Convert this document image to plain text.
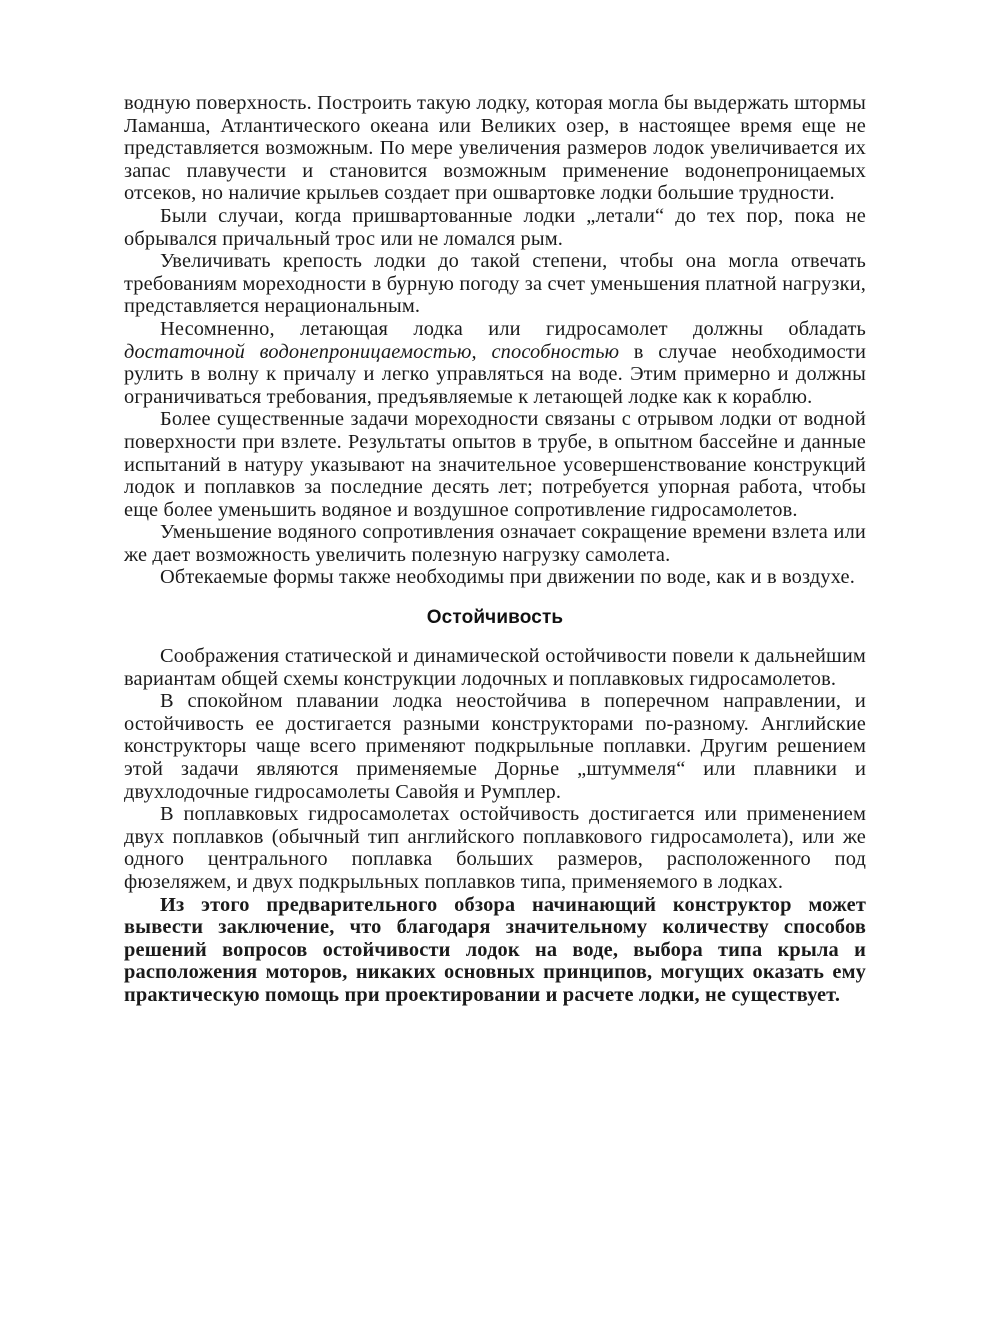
водную поверхность. Построить такую лодку, которая могла бы выдержать штормы Ламанша, Атлантического океана или Великих озер, в настоящее время еще не представляется возможным. По мере увеличения размеров лодок увеличивается их запас плавучести и становится возможным применение водонепроницаемых отсеков, но наличие крыльев создает при ошвартовке лодки большие трудности.

Были случаи, когда пришвартованные лодки „летали“ до тех пор, пока не обрывался причальный трос или не ломался рым.

Увеличивать крепость лодки до такой степени, чтобы она могла отвечать требованиям мореходности в бурную погоду за счет уменьшения платной нагрузки, представляется нерациональным.

Несомненно, летающая лодка или гидросамолет должны обладать достаточной водонепроницаемостью, способностью в случае необходимости рулить в волну к причалу и легко управляться на воде. Этим примерно и должны ограничиваться требования, предъявляемые к летающей лодке как к кораблю.

Более существенные задачи мореходности связаны с отрывом лодки от водной поверхности при взлете. Результаты опытов в трубе, в опытном бассейне и данные испытаний в натуру указывают на значительное усовершенствование конструкций лодок и поплавков за последние десять лет; потребуется упорная работа, чтобы еще более уменьшить водяное и воздушное сопротивление гидросамолетов.

Уменьшение водяного сопротивления означает сокращение времени взлета или же дает возможность увеличить полезную нагрузку самолета.

Обтекаемые формы также необходимы при движении по воде, как и в воздухе.

Остойчивость

Соображения статической и динамической остойчивости повели к дальнейшим вариантам общей схемы конструкции лодочных и поплавковых гидросамолетов.

В спокойном плавании лодка неостойчива в поперечном направлении, и остойчивость ее достигается разными конструкторами по-разному. Английские конструкторы чаще всего применяют подкрыльные поплавки. Другим решением этой задачи являются применяемые Дорнье „штуммеля“ или плавники и двухлодочные гидросамолеты Савойя и Румплер.

В поплавковых гидросамолетах остойчивость достигается или применением двух поплавков (обычный тип английского поплавкового гидросамолета), или же одного центрального поплавка больших размеров, расположенного под фюзеляжем, и двух подкрыльных поплавков типа, применяемого в лодках.

Из этого предварительного обзора начинающий конструктор может вывести заключение, что благодаря значительному количеству способов решений вопросов остойчивости лодок на воде, выбора типа крыла и расположения моторов, никаких основных принципов, могущих оказать ему практическую помощь при проектировании и расчете лодки, не существует.
